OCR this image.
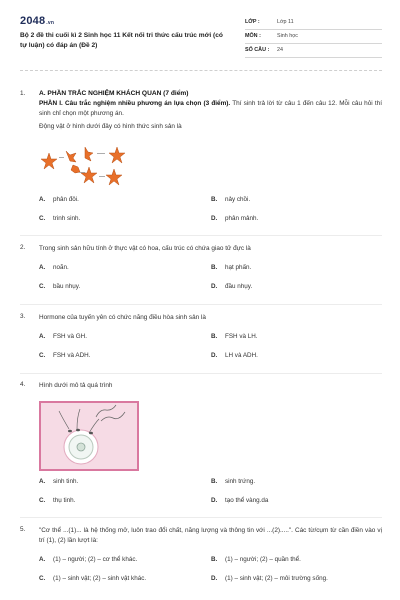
2048.vn
Bộ 2 đề thi cuối kì 2 Sinh học 11 Kết nối tri thức cấu trúc mới (có tự luận) có đáp án (Đề 2)
LỚP :	Lớp 11
MÔN :	Sinh học
SỐ CÂU :	24
1.	A. PHẦN TRẮC NGHIỆM KHÁCH QUAN (7 điểm)
PHẦN I. Câu trắc nghiệm nhiều phương án lựa chọn (3 điểm). Thí sinh trả lời từ câu 1 đến câu 12. Mỗi câu hỏi thí sinh chỉ chọn một phương án.
Động vật ở hình dưới đây có hình thức sinh sản là
A. phân đôi.	B. nảy chồi.
C. trinh sinh.	D. phân mảnh.
2.	Trong sinh sản hữu tính ở thực vật có hoa, cấu trúc có chứa giao tử đực là
A. noãn.	B. hạt phấn.
C. bầu nhụy.	D. đầu nhụy.
3.	Hormone của tuyến yên có chức năng điều hòa sinh sản là
A. FSH và GH.	B. FSH và LH.
C. FSH và ADH.	D. LH và ADH.
4.	Hình dưới mô tả quá trình
A. sinh tinh.	B. sinh trứng.
C. thụ tinh.	D. tạo thể vàng.da
5.	"Cơ thể ...(1)... là hệ thống mở, luôn trao đổi chất, năng lượng và thông tin với ...(2).....". Các từ/cụm từ cần điền vào vị trí (1), (2) lần lượt là:
A. (1) – người; (2) – cơ thể khác.	B. (1) – người; (2) – quần thể.
C. (1) – sinh vật; (2) – sinh vật khác.	D. (1) – sinh vật; (2) – môi trường sống.
